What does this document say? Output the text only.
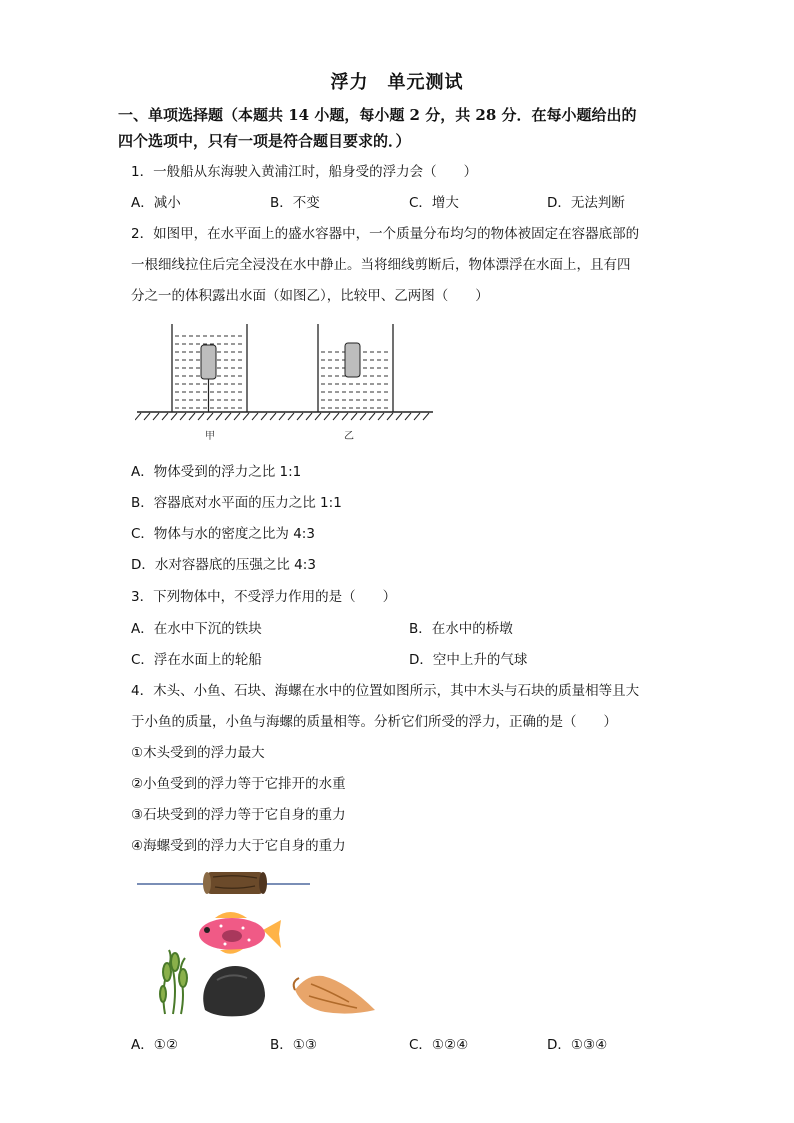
浮力　单元测试
一、单项选择题（本题共 14 小题，每小题 2 分，共 28 分．在每小题给出的
四个选项中，只有一项是符合题目要求的．）
1．一般船从东海驶入黄浦江时，船身受的浮力会（　　）
A．减小	B．不变	C．增大	D．无法判断
2．如图甲，在水平面上的盛水容器中，一个质量分布均匀的物体被固定在容器底部的
一根细线拉住后完全浸没在水中静止。当将细线剪断后，物体漂浮在水面上，且有四
分之一的体积露出水面（如图乙），比较甲、乙两图（　　）
甲	乙
A．物体受到的浮力之比 1:1
B．容器底对水平面的压力之比 1:1
C．物体与水的密度之比为 4:3
D．水对容器底的压强之比 4:3
3．下列物体中，不受浮力作用的是（　　）
A．在水中下沉的铁块	B．在水中的桥墩
C．浮在水面上的轮船	D．空中上升的气球
4．木头、小鱼、石块、海螺在水中的位置如图所示，其中木头与石块的质量相等且大
于小鱼的质量，小鱼与海螺的质量相等。分析它们所受的浮力，正确的是（　　）
①木头受到的浮力最大
②小鱼受到的浮力等于它排开的水重
③石块受到的浮力等于它自身的重力
④海螺受到的浮力大于它自身的重力
A．①②	B．①③	C．①②④	D．①③④
